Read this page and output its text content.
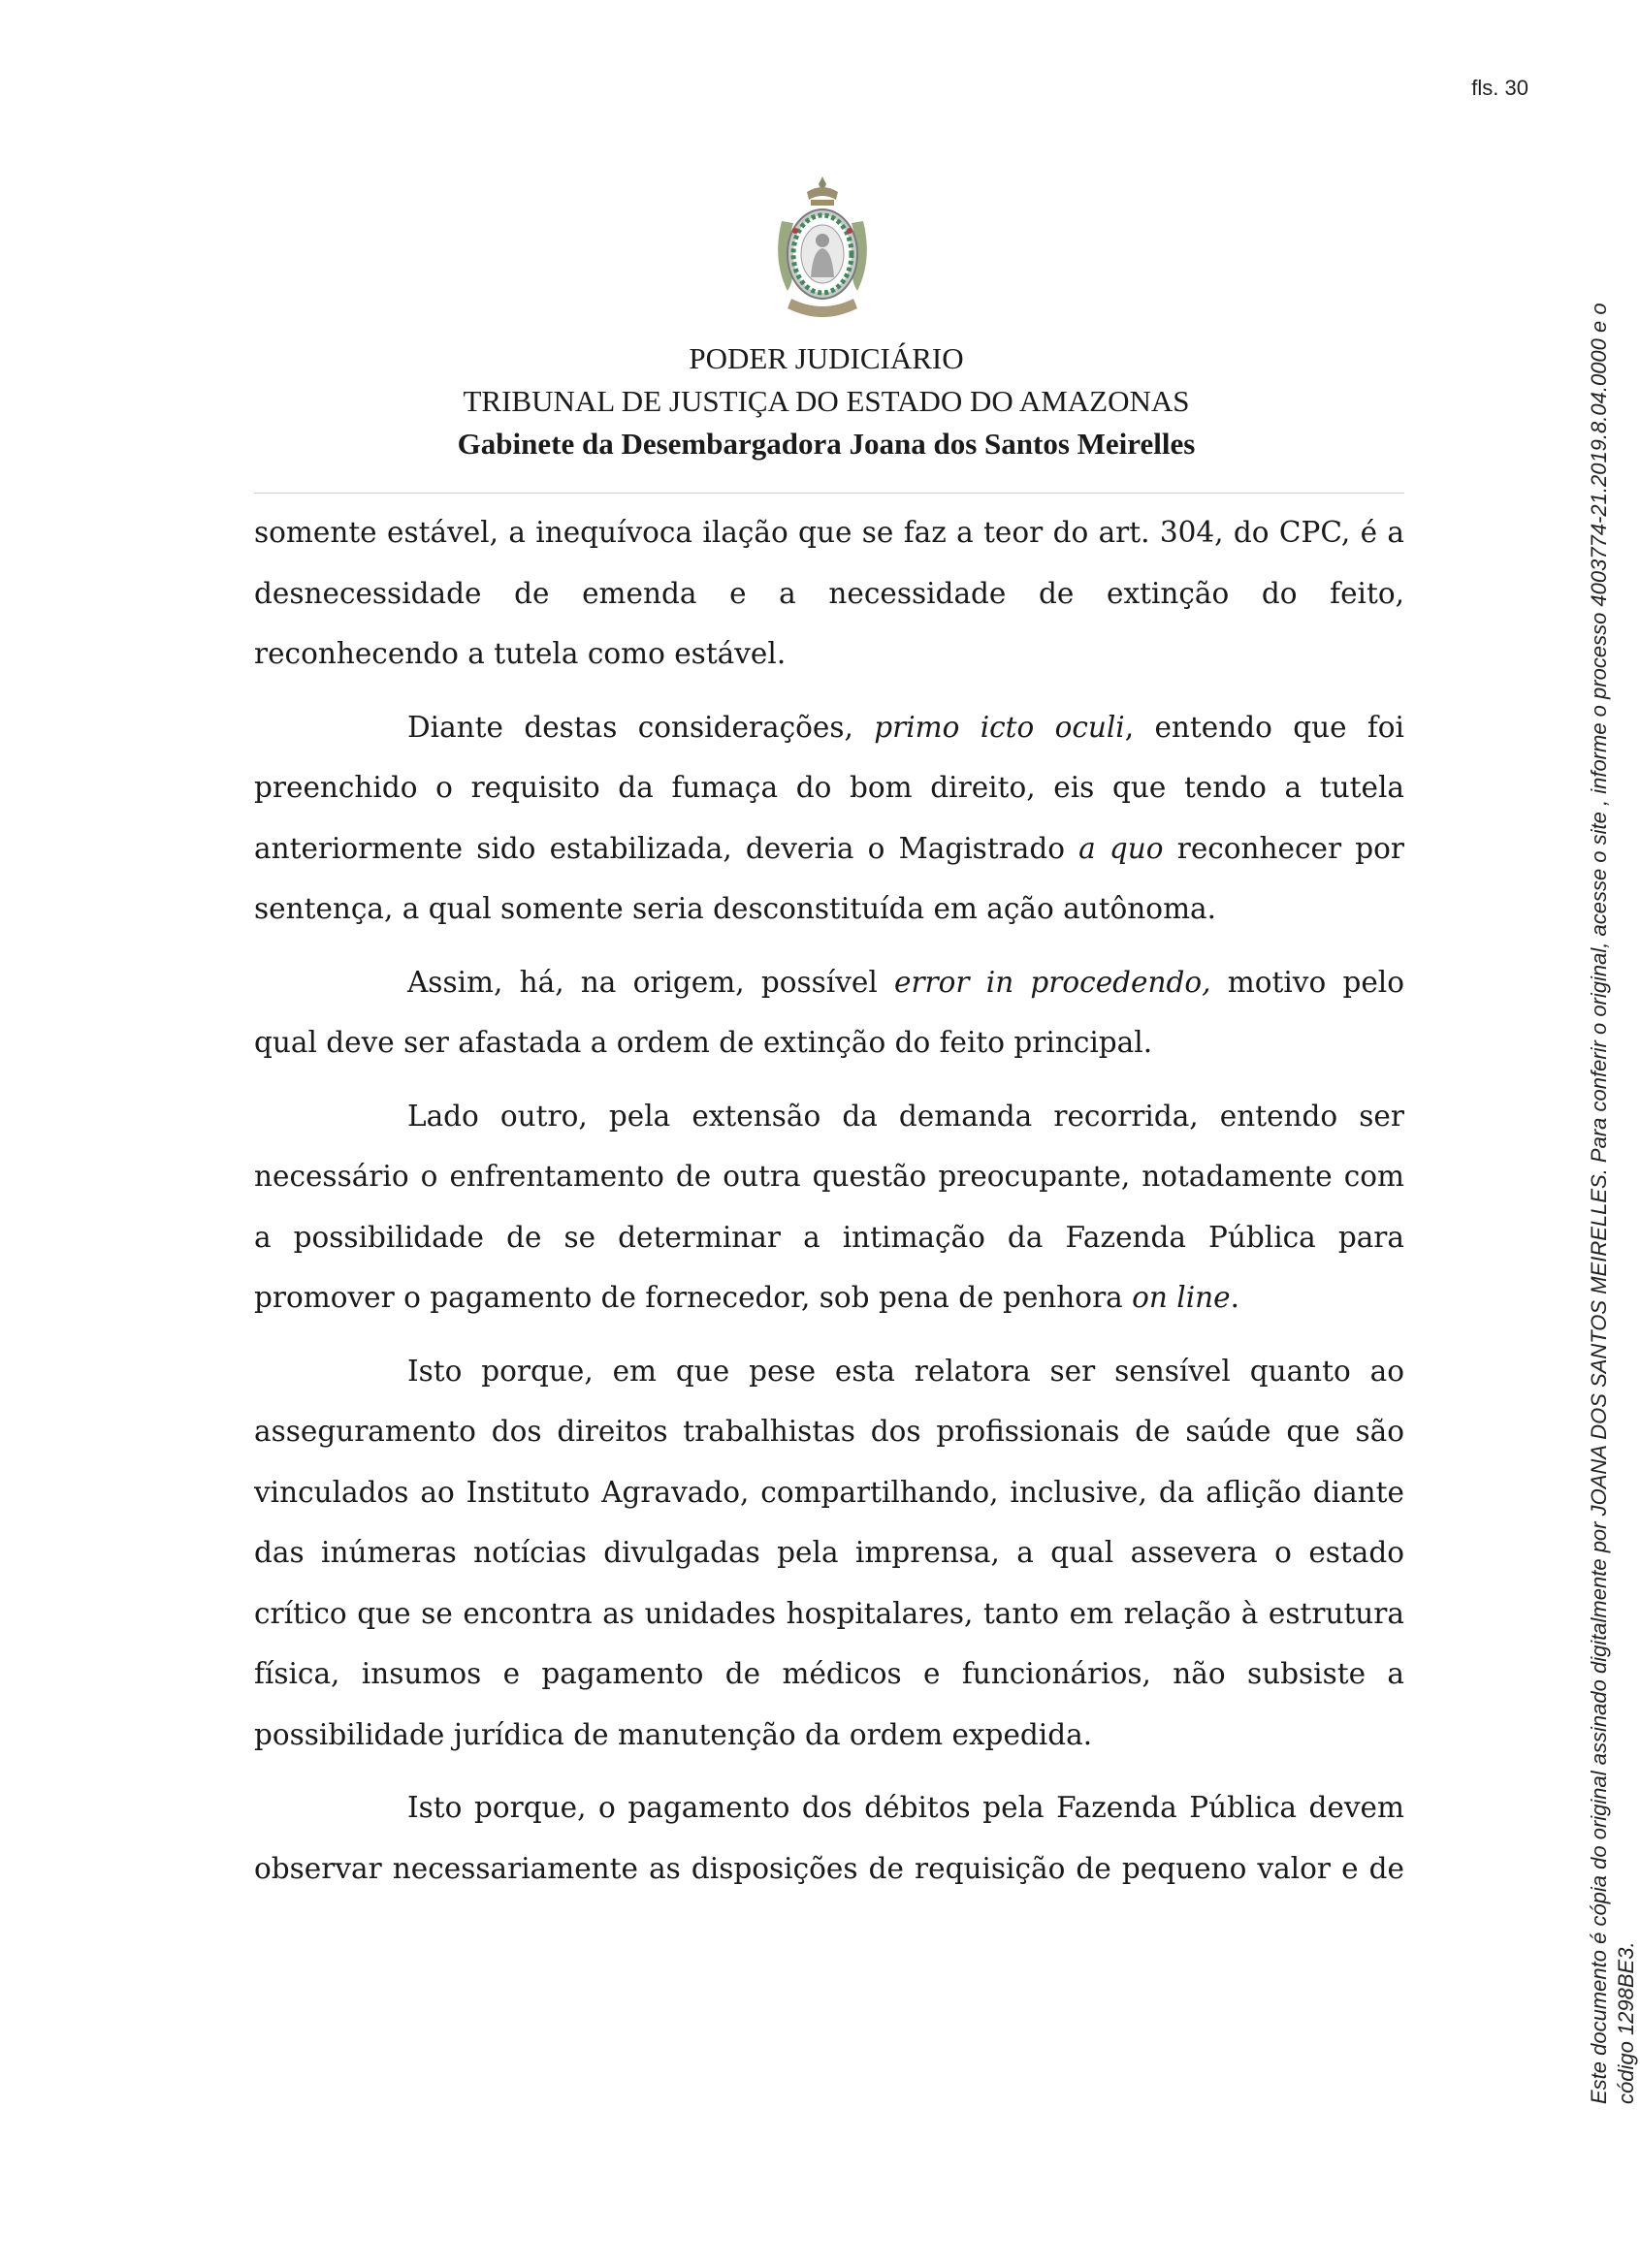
fls. 30
PODER JUDICIÁRIO
TRIBUNAL DE JUSTIÇA DO ESTADO DO AMAZONAS
Gabinete da Desembargadora Joana dos Santos Meirelles

somente estável, a inequívoca ilação que se faz a teor do art. 304, do CPC, é a desnecessidade de emenda e a necessidade de extinção do feito, reconhecendo a tutela como estável.

Diante destas considerações, primo icto oculi, entendo que foi preenchido o requisito da fumaça do bom direito, eis que tendo a tutela anteriormente sido estabilizada, deveria o Magistrado a quo reconhecer por sentença, a qual somente seria desconstituída em ação autônoma.

Assim, há, na origem, possível error in procedendo, motivo pelo qual deve ser afastada a ordem de extinção do feito principal.

Lado outro, pela extensão da demanda recorrida, entendo ser necessário o enfrentamento de outra questão preocupante, notadamente com a possibilidade de se determinar a intimação da Fazenda Pública para promover o pagamento de fornecedor, sob pena de penhora on line.

Isto porque, em que pese esta relatora ser sensível quanto ao asseguramento dos direitos trabalhistas dos profissionais de saúde que são vinculados ao Instituto Agravado, compartilhando, inclusive, da aflição diante das inúmeras notícias divulgadas pela imprensa, a qual assevera o estado crítico que se encontra as unidades hospitalares, tanto em relação à estrutura física, insumos e pagamento de médicos e funcionários, não subsiste a possibilidade jurídica de manutenção da ordem expedida.

Isto porque, o pagamento dos débitos pela Fazenda Pública devem observar necessariamente as disposições de requisição de pequeno valor e de	Este documento é cópia do original assinado digitalmente por JOANA DOS SANTOS MEIRELLES. Para conferir o original, acesse o site , informe o processo 4003774-21.2019.8.04.0000 e o código 1298BE3.
